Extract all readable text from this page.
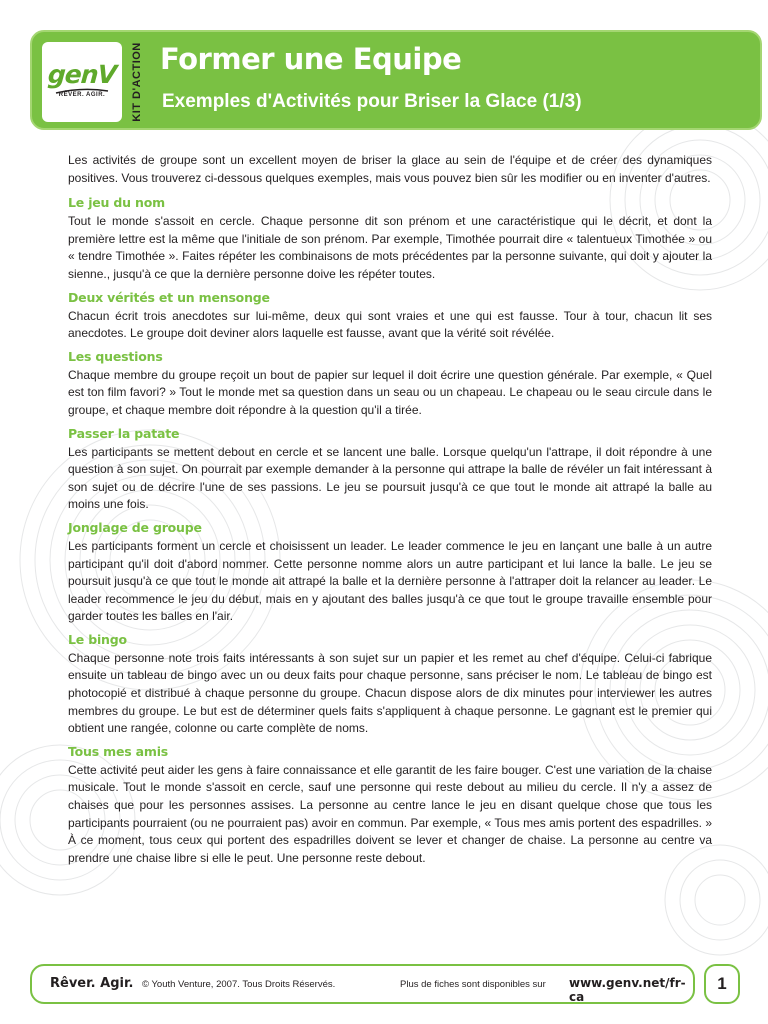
genV
RÊVER. AGIR.	KIT D'ACTION Former une Equipe
Exemples d'Activités pour Briser la Glace (1/3)

Les activités de groupe sont un excellent moyen de briser la glace au sein de l'équipe et de créer des dynamiques positives. Vous trouverez ci-dessous quelques exemples, mais vous pouvez bien sûr les modifier ou en inventer d'autres.

Le jeu du nom

Tout le monde s'assoit en cercle. Chaque personne dit son prénom et une caractéristique qui le décrit, et dont la première lettre est la même que l'initiale de son prénom. Par exemple, Timothée pourrait dire « talentueux Timothée » ou « tendre Timothée ». Faites répéter les combinaisons de mots précédentes par la personne suivante, qui doit y ajouter la sienne., jusqu'à ce que la dernière personne doive les répéter toutes.

Deux vérités et un mensonge

Chacun écrit trois anecdotes sur lui-même, deux qui sont vraies et une qui est fausse. Tour à tour, chacun lit ses anecdotes. Le groupe doit deviner alors laquelle est fausse, avant que la vérité soit révélée.

Les questions

Chaque membre du groupe reçoit un bout de papier sur lequel il doit écrire une question générale. Par exemple, « Quel est ton film favori? » Tout le monde met sa question dans un seau ou un chapeau. Le chapeau ou le seau circule dans le groupe, et chaque membre doit répondre à la question qu'il a tirée.

Passer la patate

Les participants se mettent debout en cercle et se lancent une balle. Lorsque quelqu'un l'attrape, il doit répondre à une question à son sujet. On pourrait par exemple demander à la personne qui attrape la balle de révéler un fait intéressant à son sujet ou de décrire l'une de ses passions. Le jeu se poursuit jusqu'à ce que tout le monde ait attrapé la balle au moins une fois.

Jonglage de groupe

Les participants forment un cercle et choisissent un leader. Le leader commence le jeu en lançant une balle à un autre participant qu'il doit d'abord nommer. Cette personne nomme alors un autre participant et lui lance la balle. Le jeu se poursuit jusqu'à ce que tout le monde ait attrapé la balle et la dernière personne à l'attraper doit la relancer au leader. Le leader recommence le jeu du début, mais en y ajoutant des balles jusqu'à ce que tout le groupe travaille ensemble pour garder toutes les balles en l'air.

Le bingo

Chaque personne note trois faits intéressants à son sujet sur un papier et les remet au chef d'équipe. Celui-ci fabrique ensuite un tableau de bingo avec un ou deux faits pour chaque personne, sans préciser le nom. Le tableau de bingo est photocopié et distribué à chaque personne du groupe. Chacun dispose alors de dix minutes pour interviewer les autres membres du groupe. Le but est de déterminer quels faits s'appliquent à chaque personne. Le gagnant est le premier qui obtient une rangée, colonne ou carte complète de noms.

Tous mes amis

Cette activité peut aider les gens à faire connaissance et elle garantit de les faire bouger. C'est une variation de la chaise musicale. Tout le monde s'assoit en cercle, sauf une personne qui reste debout au milieu du cercle. Il n'y a assez de chaises que pour les personnes assises. La personne au centre lance le jeu en disant quelque chose que tous les participants pourraient (ou ne pourraient pas) avoir en commun. Par exemple, « Tous mes amis portent des espadrilles. » À ce moment, tous ceux qui portent des espadrilles doivent se lever et changer de chaise. La personne au centre va prendre une chaise libre si elle le peut. Une personne reste debout.

Rêver. Agir. © Youth Venture, 2007. Tous Droits Réservés.	Plus de fiches sont disponibles sur www.genv.net/fr-ca
1
